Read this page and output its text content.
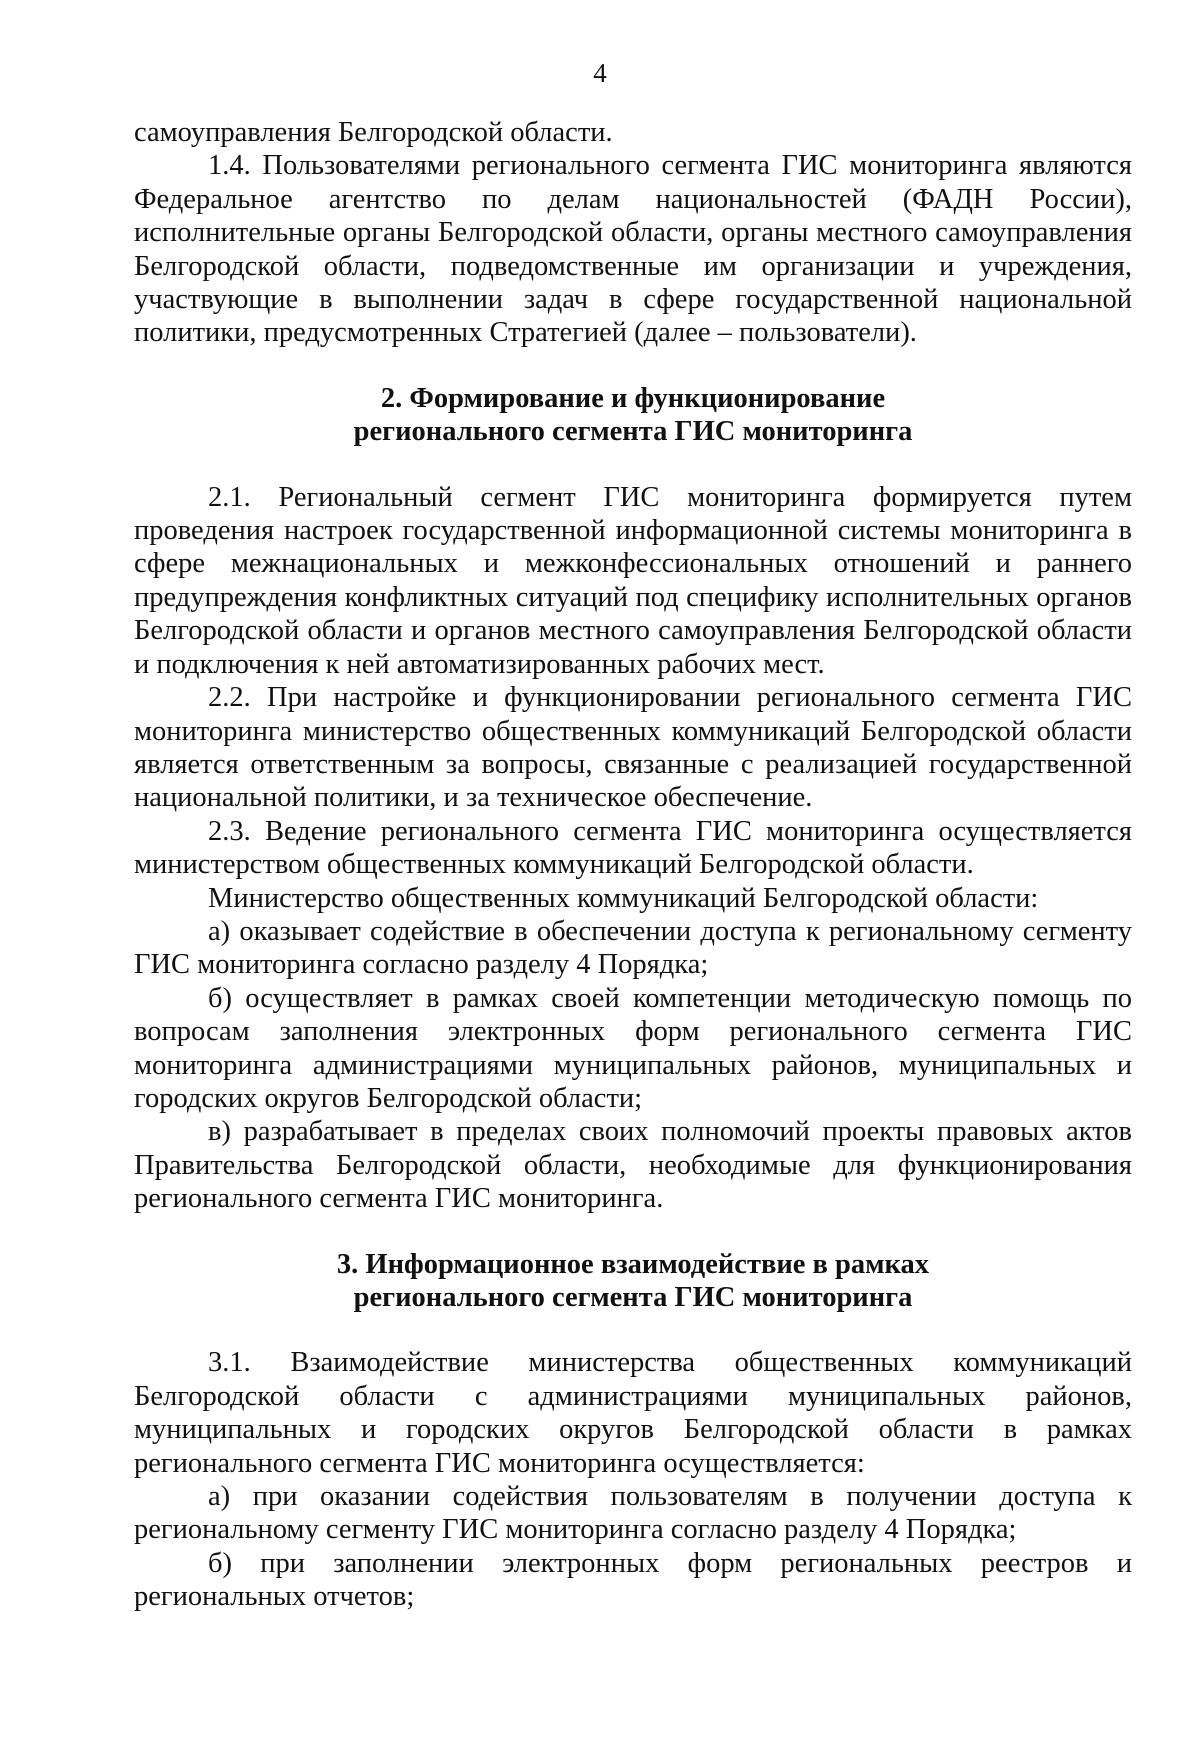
4

самоуправления Белгородской области.

1.4. Пользователями регионального сегмента ГИС мониторинга являются Федеральное агентство по делам национальностей (ФАДН России), исполнительные органы Белгородской области, органы местного самоуправления Белгородской области, подведомственные им организации и учреждения, участвующие в выполнении задач в сфере государственной национальной политики, предусмотренных Стратегией (далее – пользователи).

2. Формирование и функционирование
регионального сегмента ГИС мониторинга

2.1. Региональный сегмент ГИС мониторинга формируется путем проведения настроек государственной информационной системы мониторинга в сфере межнациональных и межконфессиональных отношений и раннего предупреждения конфликтных ситуаций под специфику исполнительных органов Белгородской области и органов местного самоуправления Белгородской области и подключения к ней автоматизированных рабочих мест.

2.2. При настройке и функционировании регионального сегмента ГИС мониторинга министерство общественных коммуникаций Белгородской области является ответственным за вопросы, связанные с реализацией государственной национальной политики, и за техническое обеспечение.

2.3. Ведение регионального сегмента ГИС мониторинга осуществляется министерством общественных коммуникаций Белгородской области.

Министерство общественных коммуникаций Белгородской области:

а) оказывает содействие в обеспечении доступа к региональному сегменту ГИС мониторинга согласно разделу 4 Порядка;

б) осуществляет в рамках своей компетенции методическую помощь по вопросам заполнения электронных форм регионального сегмента ГИС мониторинга администрациями муниципальных районов, муниципальных и городских округов Белгородской области;

в) разрабатывает в пределах своих полномочий проекты правовых актов Правительства Белгородской области, необходимые для функционирования регионального сегмента ГИС мониторинга.

3. Информационное взаимодействие в рамках
регионального сегмента ГИС мониторинга

3.1. Взаимодействие министерства общественных коммуникаций Белгородской области с администрациями муниципальных районов, муниципальных и городских округов Белгородской области в рамках регионального сегмента ГИС мониторинга осуществляется:

а) при оказании содействия пользователям в получении доступа к региональному сегменту ГИС мониторинга согласно разделу 4 Порядка;

б) при заполнении электронных форм региональных реестров и региональных отчетов;
